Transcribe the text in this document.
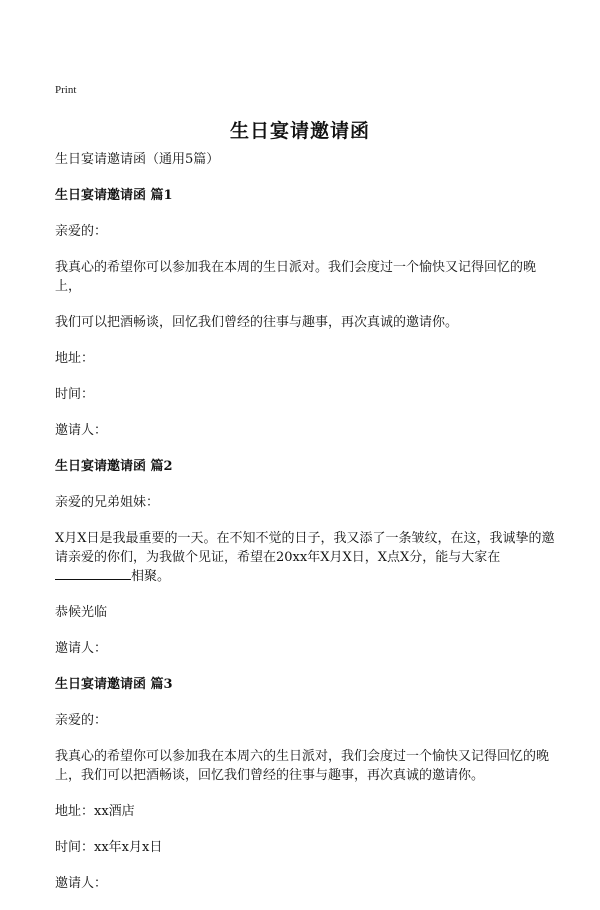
Print
生日宴请邀请函
生日宴请邀请函（通用5篇）
生日宴请邀请函 篇1
亲爱的：
我真心的希望你可以参加我在本周的生日派对。我们会度过一个愉快又记得回忆的晚上，
我们可以把酒畅谈，回忆我们曾经的往事与趣事，再次真诚的邀请你。
地址：
时间：
邀请人：
生日宴请邀请函 篇2
亲爱的兄弟姐妹：
X月X日是我最重要的一天。在不知不觉的日子，我又添了一条皱纹，在这，我诚挚的邀请亲爱的你们，为我做个见证，希望在20xx年X月X日，X点X分，能与大家在相聚。
恭候光临
邀请人：
生日宴请邀请函 篇3
亲爱的：
我真心的希望你可以参加我在本周六的生日派对，我们会度过一个愉快又记得回忆的晚上，我们可以把酒畅谈，回忆我们曾经的往事与趣事，再次真诚的邀请你。
地址：xx酒店
时间：xx年x月x日
邀请人：
